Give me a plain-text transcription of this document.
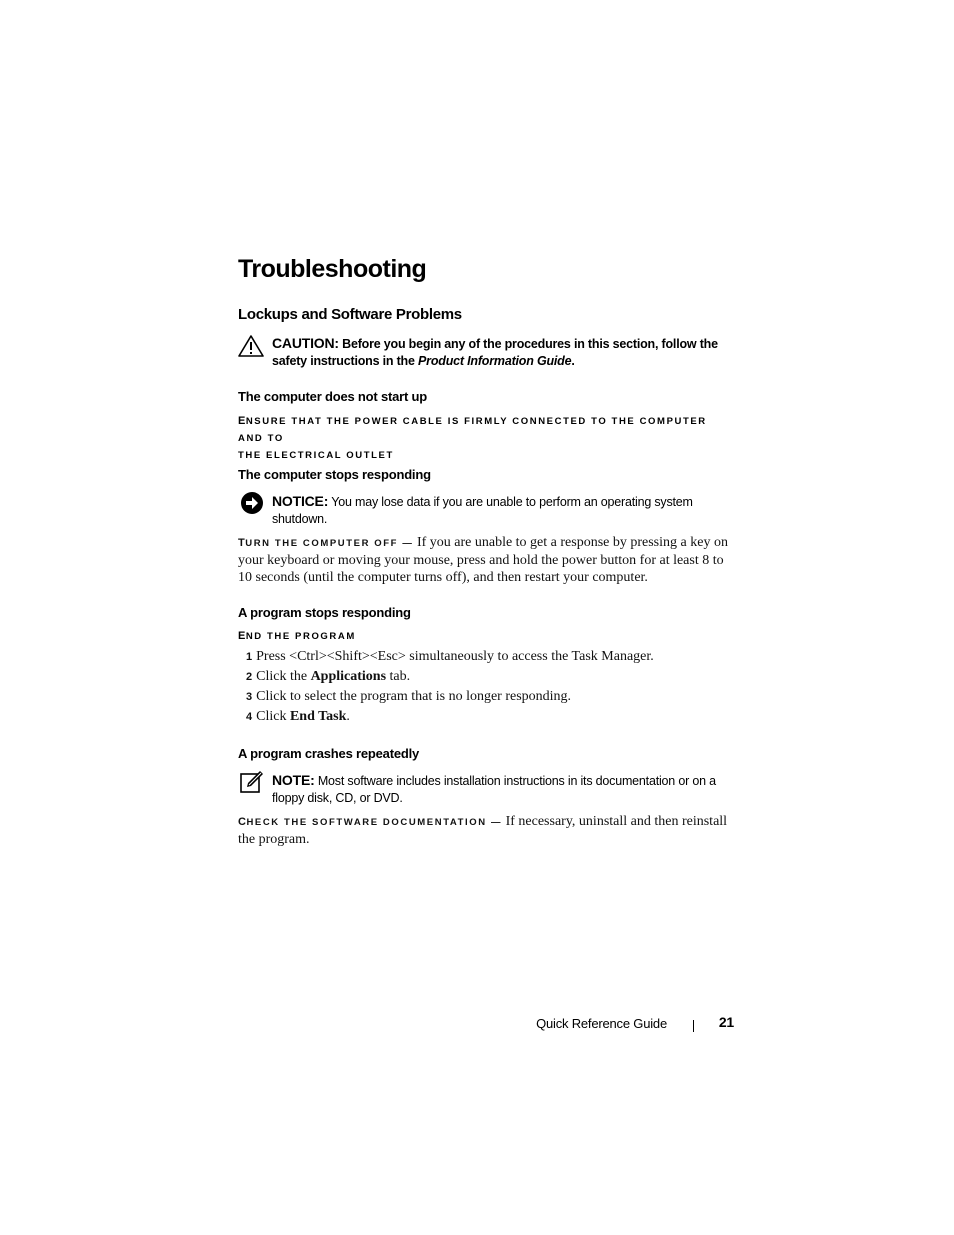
Troubleshooting
Lockups and Software Problems
CAUTION: Before you begin any of the procedures in this section, follow the safety instructions in the Product Information Guide.
The computer does not start up
ENSURE THAT THE POWER CABLE IS FIRMLY CONNECTED TO THE COMPUTER AND TO
THE ELECTRICAL OUTLET
The computer stops responding
NOTICE: You may lose data if you are unable to perform an operating system shutdown.
TURN THE COMPUTER OFF — If you are unable to get a response by pressing a key on your keyboard or moving your mouse, press and hold the power button for at least 8 to 10 seconds (until the computer turns off), and then restart your computer.
A program stops responding
END THE PROGRAM
1 Press <Ctrl><Shift><Esc> simultaneously to access the Task Manager.
2 Click the Applications tab.
3 Click to select the program that is no longer responding.
4 Click End Task.
A program crashes repeatedly
NOTE: Most software includes installation instructions in its documentation or on a floppy disk, CD, or DVD.
CHECK THE SOFTWARE DOCUMENTATION — If necessary, uninstall and then reinstall the program.
Quick Reference Guide	21
